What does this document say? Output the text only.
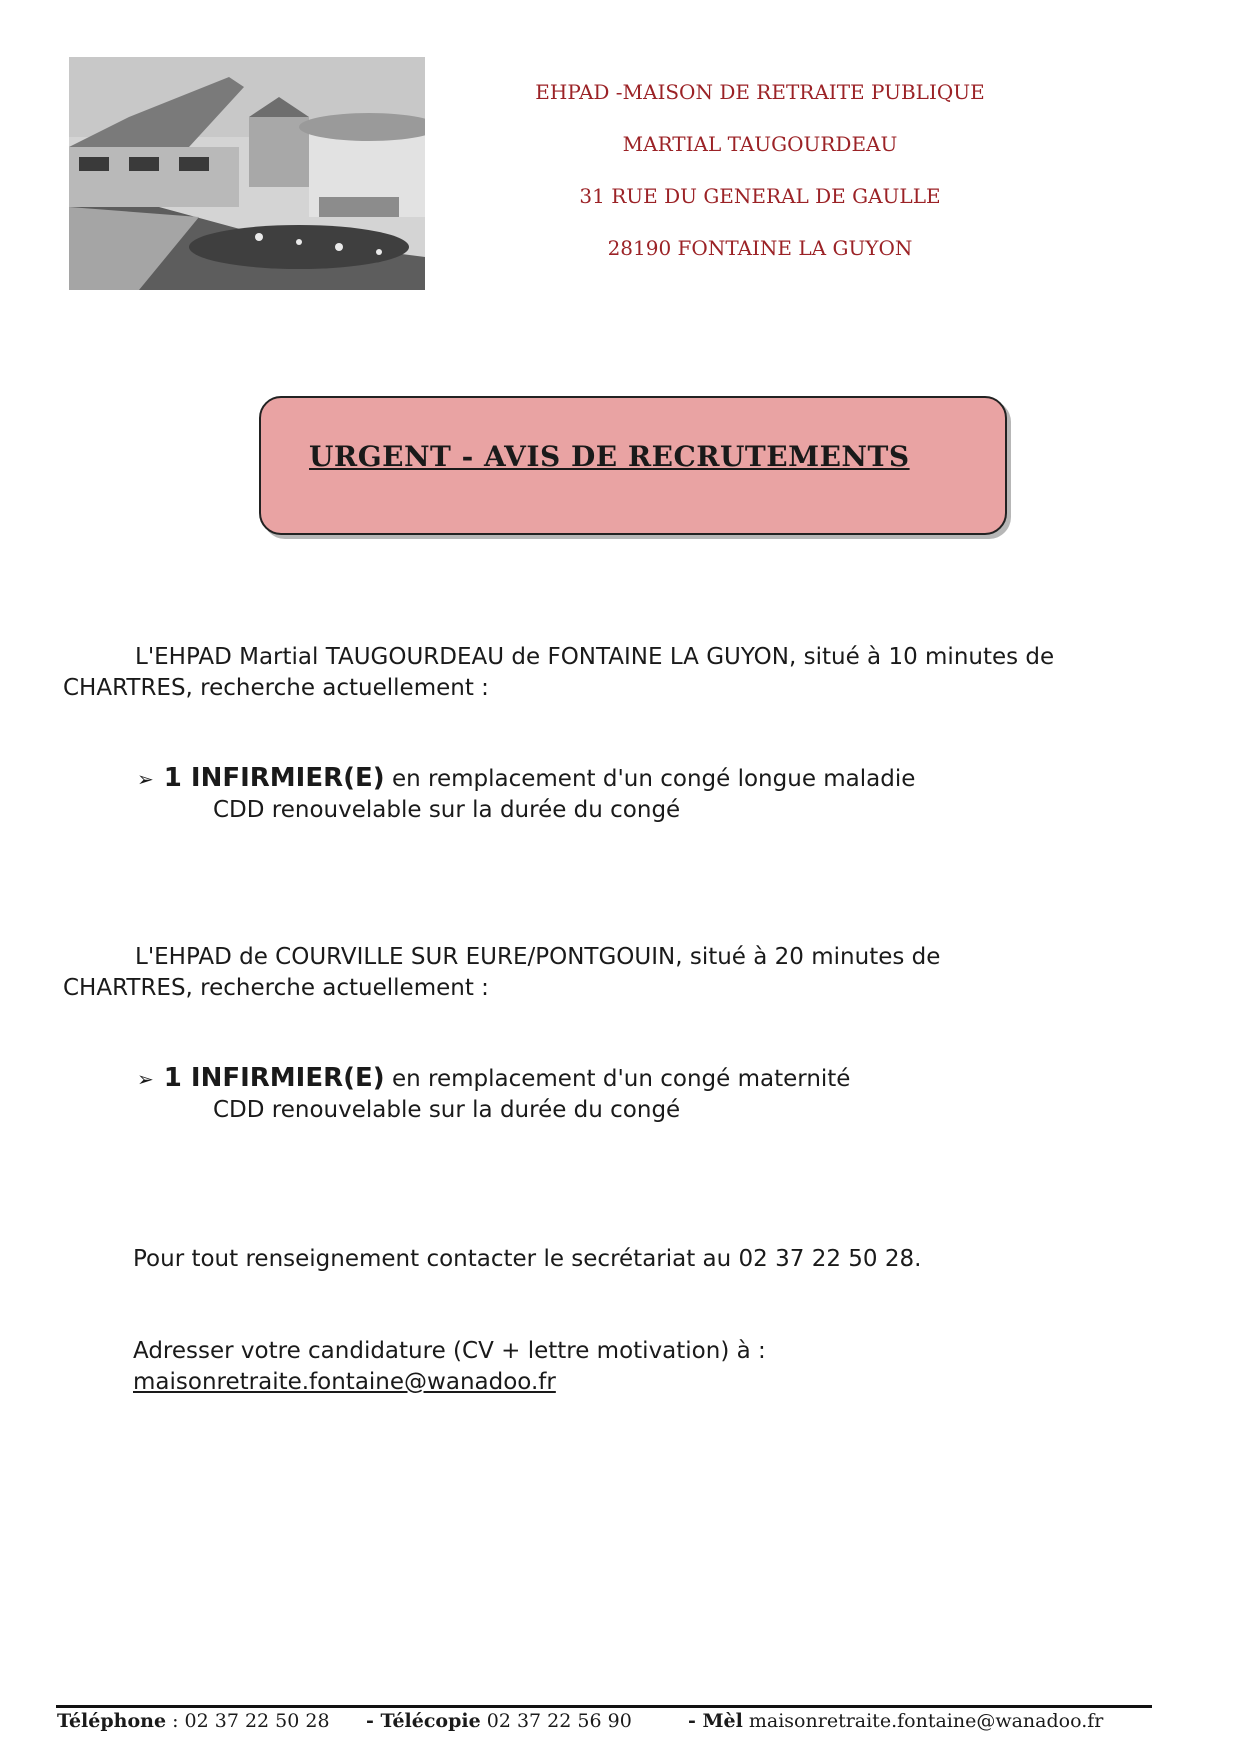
EHPAD -MAISON DE RETRAITE PUBLIQUE
MARTIAL TAUGOURDEAU
31 RUE DU GENERAL DE GAULLE
28190 FONTAINE LA GUYON
URGENT - AVIS DE RECRUTEMENTS
L'EHPAD Martial TAUGOURDEAU de FONTAINE LA GUYON, situé à 10 minutes de
CHARTRES, recherche actuellement :
➢ 1 INFIRMIER(E) en remplacement d'un congé longue maladie
CDD renouvelable sur la durée du congé
L'EHPAD de COURVILLE SUR EURE/PONTGOUIN, situé à 20 minutes de
CHARTRES, recherche actuellement :
➢ 1 INFIRMIER(E) en remplacement d'un congé maternité
CDD renouvelable sur la durée du congé
Pour tout renseignement contacter le secrétariat au 02 37 22 50 28.
Adresser votre candidature (CV + lettre motivation) à :
maisonretraite.fontaine@wanadoo.fr
Téléphone : 02 37 22 50 28 - Télécopie 02 37 22 56 90	- Mèl maisonretraite.fontaine@wanadoo.fr
